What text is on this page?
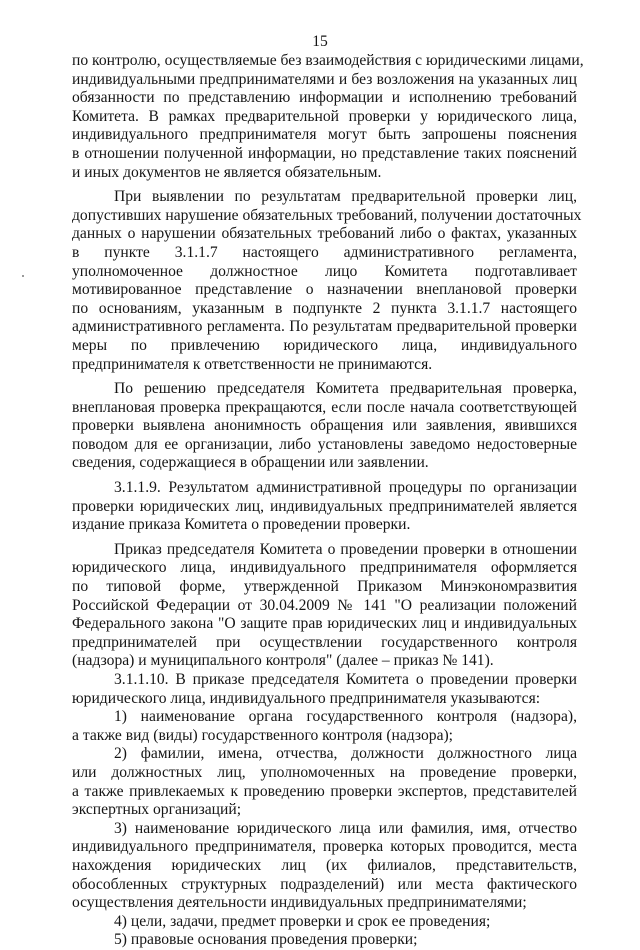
15
по контролю, осуществляемые без взаимодействия с юридическими лицами,
индивидуальными предпринимателями и без возложения на указанных лиц
обязанности по представлению информации и исполнению требований
Комитета. В рамках предварительной проверки у юридического лица,
индивидуального предпринимателя могут быть запрошены пояснения
в отношении полученной информации, но представление таких пояснений
и иных документов не является обязательным.
При выявлении по результатам предварительной проверки лиц,
допустивших нарушение обязательных требований, получении достаточных
данных о нарушении обязательных требований либо о фактах, указанных
в пункте 3.1.1.7 настоящего административного регламента,
уполномоченное должностное лицо Комитета подготавливает
мотивированное представление о назначении внеплановой проверки
по основаниям, указанным в подпункте 2 пункта 3.1.1.7 настоящего
административного регламента. По результатам предварительной проверки
меры по привлечению юридического лица, индивидуального
предпринимателя к ответственности не принимаются.
По решению председателя Комитета предварительная проверка,
внеплановая проверка прекращаются, если после начала соответствующей
проверки выявлена анонимность обращения или заявления, явившихся
поводом для ее организации, либо установлены заведомо недостоверные
сведения, содержащиеся в обращении или заявлении.
3.1.1.9. Результатом административной процедуры по организации
проверки юридических лиц, индивидуальных предпринимателей является
издание приказа Комитета о проведении проверки.
Приказ председателя Комитета о проведении проверки в отношении
юридического лица, индивидуального предпринимателя оформляется
по типовой форме, утвержденной Приказом Минэкономразвития
Российской Федерации от 30.04.2009 № 141 "О реализации положений
Федерального закона "О защите прав юридических лиц и индивидуальных
предпринимателей при осуществлении государственного контроля
(надзора) и муниципального контроля" (далее – приказ № 141).
3.1.1.10. В приказе председателя Комитета о проведении проверки
юридического лица, индивидуального предпринимателя указываются:
1) наименование органа государственного контроля (надзора),
а также вид (виды) государственного контроля (надзора);
2) фамилии, имена, отчества, должности должностного лица
или должностных лиц, уполномоченных на проведение проверки,
а также привлекаемых к проведению проверки экспертов, представителей
экспертных организаций;
3) наименование юридического лица или фамилия, имя, отчество
индивидуального предпринимателя, проверка которых проводится, места
нахождения юридических лиц (их филиалов, представительств,
обособленных структурных подразделений) или места фактического
осуществления деятельности индивидуальных предпринимателями;
4) цели, задачи, предмет проверки и срок ее проведения;
5) правовые основания проведения проверки;
